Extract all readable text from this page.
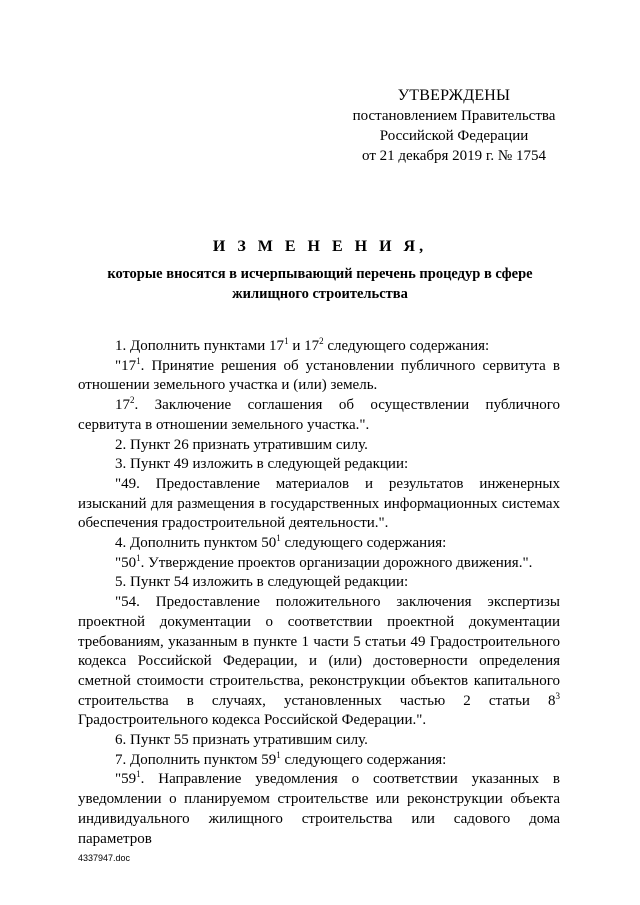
УТВЕРЖДЕНЫ
постановлением Правительства
Российской Федерации
от 21 декабря 2019 г. № 1754
И З М Е Н Е Н И Я,
которые вносятся в исчерпывающий перечень процедур в сфере
жилищного строительства

1. Дополнить пунктами $17^1$ и $17^2$ следующего содержания:

"$17^1$. Принятие решения об установлении публичного сервитута в отношении земельного участка и (или) земель.

$17^2$. Заключение соглашения об осуществлении публичного сервитута в отношении земельного участка.".

2. Пункт 26 признать утратившим силу.

3. Пункт 49 изложить в следующей редакции:

"49. Предоставление материалов и результатов инженерных изысканий для размещения в государственных информационных системах обеспечения градостроительной деятельности.".

4. Дополнить пунктом $50^1$ следующего содержания:

"$50^1$. Утверждение проектов организации дорожного движения.".

5. Пункт 54 изложить в следующей редакции:

"54. Предоставление положительного заключения экспертизы проектной документации о соответствии проектной документации требованиям, указанным в пункте 1 части 5 статьи 49 Градостроительного кодекса Российской Федерации, и (или) достоверности определения сметной стоимости строительства, реконструкции объектов капитального строительства в случаях, установленных частью 2 статьи $8^3$ Градостроительного кодекса Российской Федерации.".

6. Пункт 55 признать утратившим силу.

7. Дополнить пунктом $59^1$ следующего содержания:

"$59^1$. Направление уведомления о соответствии указанных в уведомлении о планируемом строительстве или реконструкции объекта индивидуального жилищного строительства или садового дома параметров

4337947.doc
